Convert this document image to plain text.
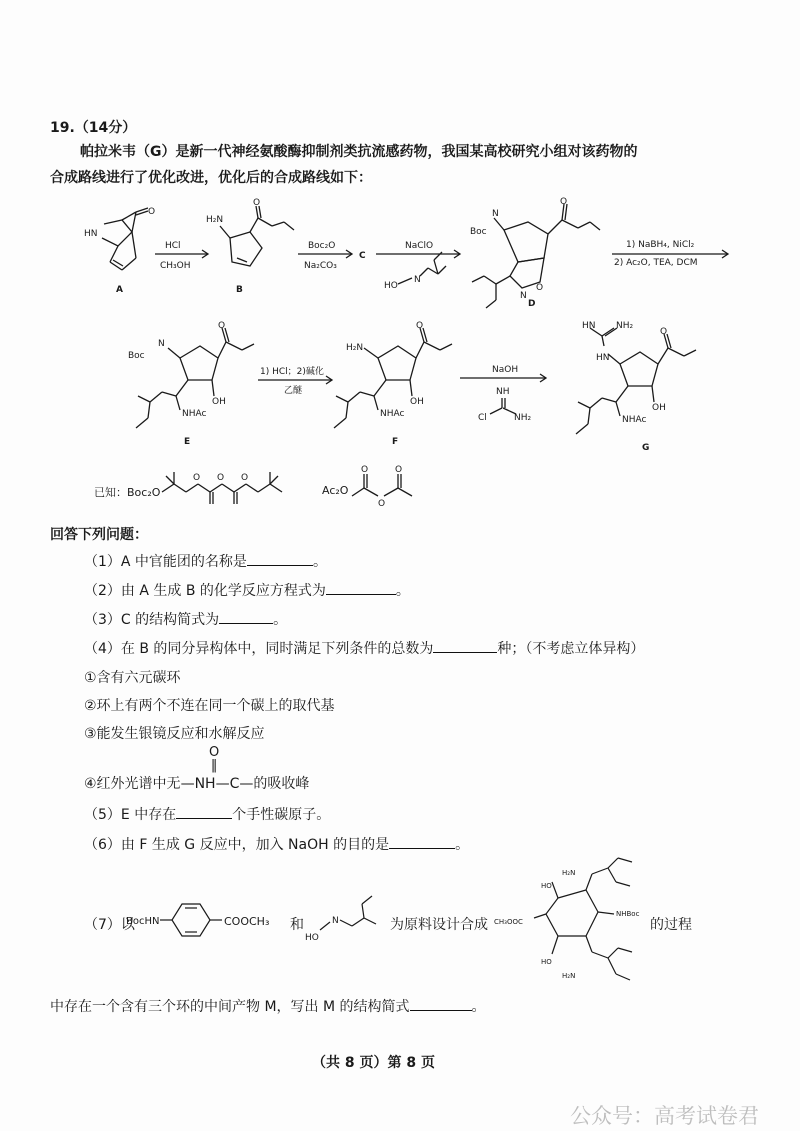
19.（14分）
帕拉米韦（G）是新一代神经氨酸酶抑制剂类抗流感药物，我国某高校研究小组对该药物的
合成路线进行了优化改进，优化后的合成路线如下：
HN
O
A
HCl
CH₃OH
H₂N
O
B
Boc₂O
Na₂CO₃
C
NaClO
HO
N
Boc
N
O
O
N
D
1) NaBH₄, NiCl₂
2) Ac₂O, TEA, DCM
Boc
N
O
OH
NHAc
E
1) HCl；2)碱化
乙醚
H₂N
O
OH
NHAc
F
NaOH
NH
Cl	NH₂
HN NH₂
HN
O
OH
NHAc
G
O O O
O
O
O
已知：Boc₂O	Ac₂O
回答下列问题：
（1）A 中官能团的名称是	。
（2）由 A 生成 B 的化学反应方程式为	。
（3）C 的结构简式为	。
（4）在 B 的同分异构体中，同时满足下列条件的总数为	种；（不考虑立体异构）
①含有六元碳环
②环上有两个不连在同一个碳上的取代基
③能发生银镜反应和水解反应
④红外光谱中无—NH—C—
O
‖
的吸收峰
（5）E 中存在	个手性碳原子。
（6）由 F 生成 G 反应中，加入 NaOH 的目的是	。
（7）以
BocHN	COOCH₃ 和
HO
N	为原料设计合成 CH₃OOC
H₂N
HO
NHBoc
HO
H₂N
的过程
中存在一个含有三个环的中间产物 M，写出 M 的结构简式	。
（共 8 页）第 8 页
公众号：高考试卷君
